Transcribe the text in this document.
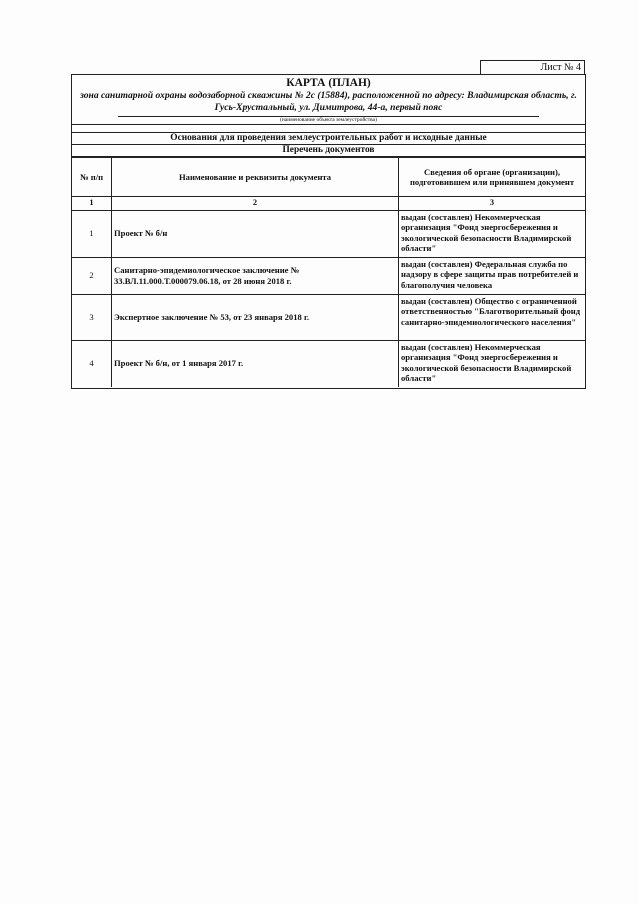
Лист № 4
КАРТА (ПЛАН)
зона санитарной охраны водозаборной скважины № 2с (15884), расположенной по адресу: Владимирская область, г. Гусь-Хрустальный, ул. Димитрова, 44-а, первый пояс
(наименование объекта землеустройства)
Основания для проведения землеустроительных работ и исходные данные
Перечень документов
№ п/п	Наименование и реквизиты документа	Сведения об органе (организации), подготовившем или принявшем документ
1	2	3
1	Проект № б/н	выдан (составлен) Некоммерческая организация "Фонд энергосбережения и экологической безопасности Владимирской области"
2	Санитарно-эпидемиологическое заключение № 33.ВЛ.11.000.Т.000079.06.18, от 28 июня 2018 г.	выдан (составлен) Федеральная служба по надзору в сфере защиты прав потребителей и благополучия человека
3	Экспертное заключение № 53, от 23 января 2018 г.	выдан (составлен) Общество с ограниченной ответственностью "Благотворительный фонд санитарно-эпидемиологического населения"
4	Проект № б/н, от 1 января 2017 г.	выдан (составлен) Некоммерческая организация "Фонд энергосбережения и экологической безопасности Владимирской области"
